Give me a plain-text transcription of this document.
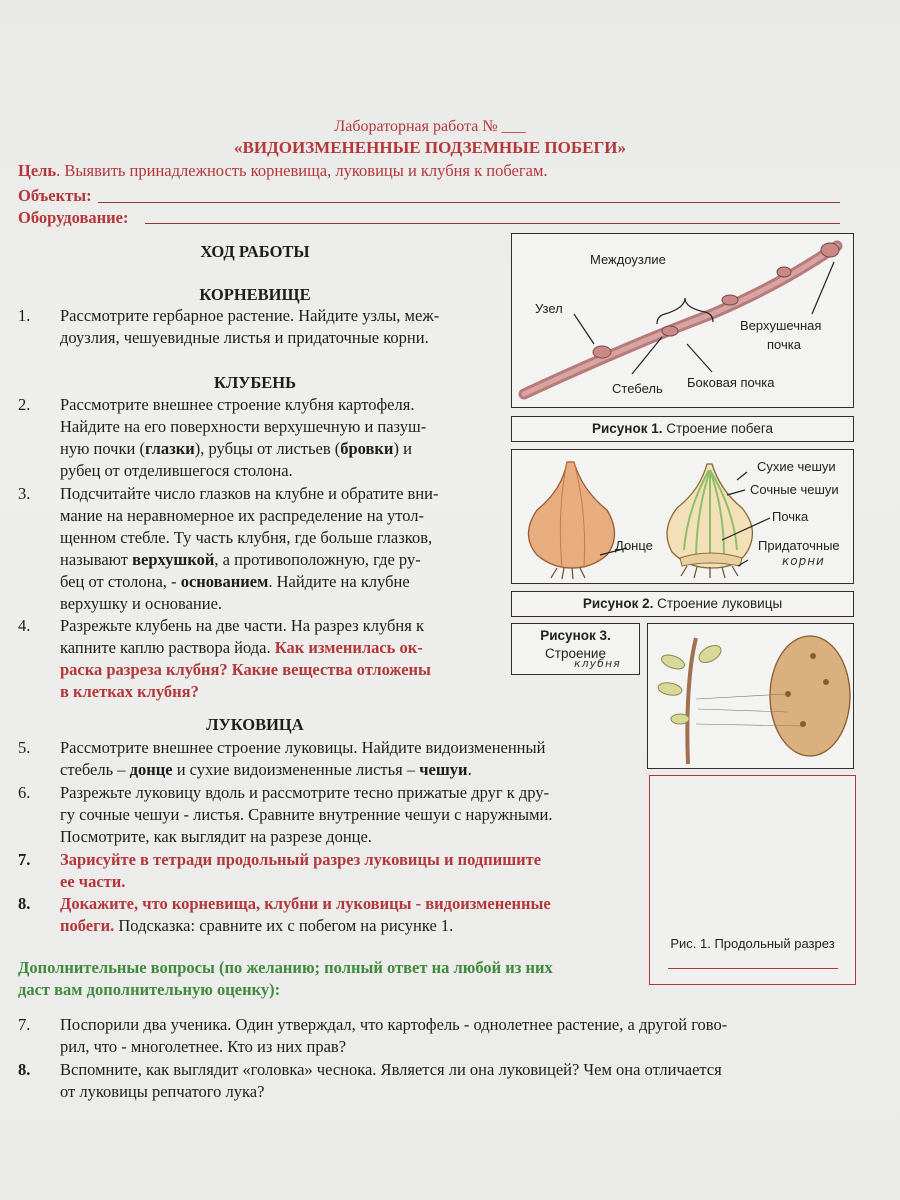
Лабораторная работа № ___
«ВИДОИЗМЕНЕННЫЕ ПОДЗЕМНЫЕ ПОБЕГИ»
Цель. Выявить принадлежность корневища, луковицы и клубня к побегам.
Объекты:
Оборудование:
ХОД РАБОТЫ
КОРНЕВИЩЕ
1. Рассмотрите гербарное растение. Найдите узлы, меж-
доузлия, чешуевидные листья и придаточные корни.
КЛУБЕНЬ
2. Рассмотрите внешнее строение клубня картофеля.
Найдите на его поверхности верхушечную и пазуш-
ную почки (глазки), рубцы от листьев (бровки) и
рубец от отделившегося столона.
3. Подсчитайте число глазков на клубне и обратите вни-
мание на неравномерное их распределение на утол-
щенном стебле. Ту часть клубня, где больше глазков,
называют верхушкой, а противоположную, где ру-
бец от столона, - основанием. Найдите на клубне
верхушку и основание.
4. Разрежьте клубень на две части. На разрез клубня к
капните каплю раствора йода. Как изменилась ок-
раска разреза клубня? Какие вещества отложены
в клетках клубня?
ЛУКОВИЦА
5. Рассмотрите внешнее строение луковицы. Найдите видоизмененный
стебель – донце и сухие видоизмененные листья – чешуи.
6. Разрежьте луковицу вдоль и рассмотрите тесно прижатые друг к дру-
гу сочные чешуи - листья. Сравните внутренние чешуи с наружными.
Посмотрите, как выглядит на разрезе донце.
7. Зарисуйте в тетради продольный разрез луковицы и подпишите
ее части.
8. Докажите, что корневища, клубни и луковицы - видоизмененные
побеги. Подсказка: сравните их с побегом на рисунке 1.
Дополнительные вопросы (по желанию; полный ответ на любой из них
даст вам дополнительную оценку):
7. Поспорили два ученика. Один утверждал, что картофель - однолетнее растение, а другой гово-
рил, что - многолетнее. Кто из них прав?
8. Вспомните, как выглядит «головка» чеснока. Является ли она луковицей? Чем она отличается
от луковицы репчатого лука?
Междоузлие
Узел
Верхушечная
почка
Стебель Боковая почка
Рисунок 1. Строение побега
Сухие чешуи
Сочные чешуи
Почка
Донце	Придаточные
корни
Рисунок 2. Строение луковицы
Рисунок 3.
Строение
клубня
Рис. 1. Продольный разрез
